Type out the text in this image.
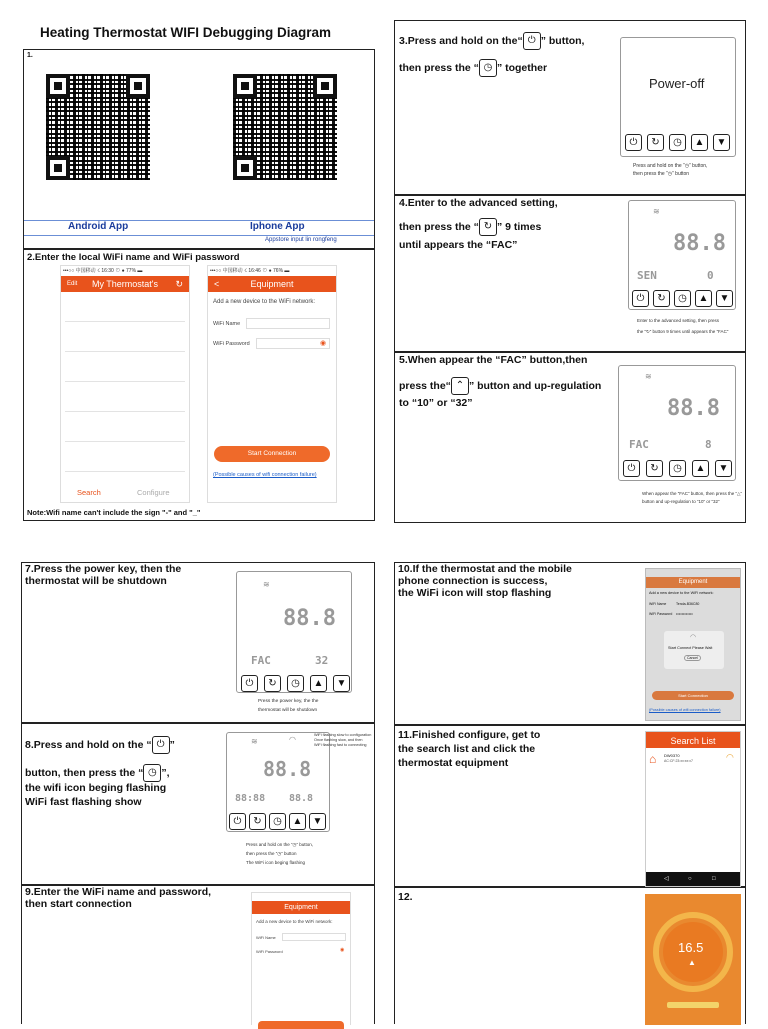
Heating Thermostat WIFI Debugging Diagram
1.
Android App	Iphone App
Appstore input lin rongfeng
2.Enter the local WiFi name and WiFi password
•••○○ 中国移动 ☇ 16:30 ⊙ ● 77% ▬
Edit My Thermostat's ↻
Search	Configure
•••○○ 中国移动 ☇ 16:46 ⊙ ● 76% ▬
<	Equipment
Add a new device to the WiFi network:
WiFi Name
WiFi Password	◉
Start Connection
(Possible causes of wifi connection failure)
Note:Wifi name can't include the sign "-" and "_"
3.Press and hold on the“ ⏻ ” button,
then press the “ ◷ ” together
Power-off
⏻	↻	◷	▲	▼
Press and hold on the “◷” button,
then press the “◷” button
4.Enter to the advanced setting,
then press the “ ↻ ” 9 times
until appears the “FAC”
≋
88.8
SEN	0
⏻	↻	◷	▲	▼
Enter to the advanced setting, then press
the “↻” button 9 times until appears the “FAC”
5.When appear the “FAC” button,then
press the“ ⌃ ” button and up-regulation
to “10” or “32”
≋
88.8
FAC	8
⏻	↻	◷	▲	▼
When appear the “FAC” button, then press the “△”
button and up-regulation to “10” or “32”
7.Press the power key, then the
thermostat will be shutdown	≋
88.8
FAC	32
⏻	↻	◷	▲	▼
Press the power key, the the
thermostat will be shutdown
8.Press and hold on the “ ⏻ ”
button, then press the “ ◷ ”,
the wifi icon beging flashing
WiFi fast flashing show
≋	◠
88.8
88:88 88.8
⏻	↻	◷	▲	▼
WiFi flashing slow to configuration
Once flashing slow, and then
WiFi flashing fast to connecting
Press and hold on the “◷” button,
then press the “◷” button
The WiFi icon beging flashing
9.Enter the WiFi name and password,
then start connection	Equipment
Add a new device to the WiFi network:
WiFi Name
WiFi Password	◉
10.If the thermostat and the mobile
phone connection is success,
the WiFi icon will stop flashing
Equipment
Add a new device to the WiFi network:
WiFi Name	Tenda-B36C80
WiFi Password ••••••••••••
◠
Start Connect Please Wait
Cancel
Start Connection
(Possible causes of wifi connection failure)
11.Finished configure, get to
the search list and click the
thermostat equipment
Search List
⌂ DW0370
AC:CF:23:xx:xx:x7	◠
◁	○	□
12.
16.5
▲
